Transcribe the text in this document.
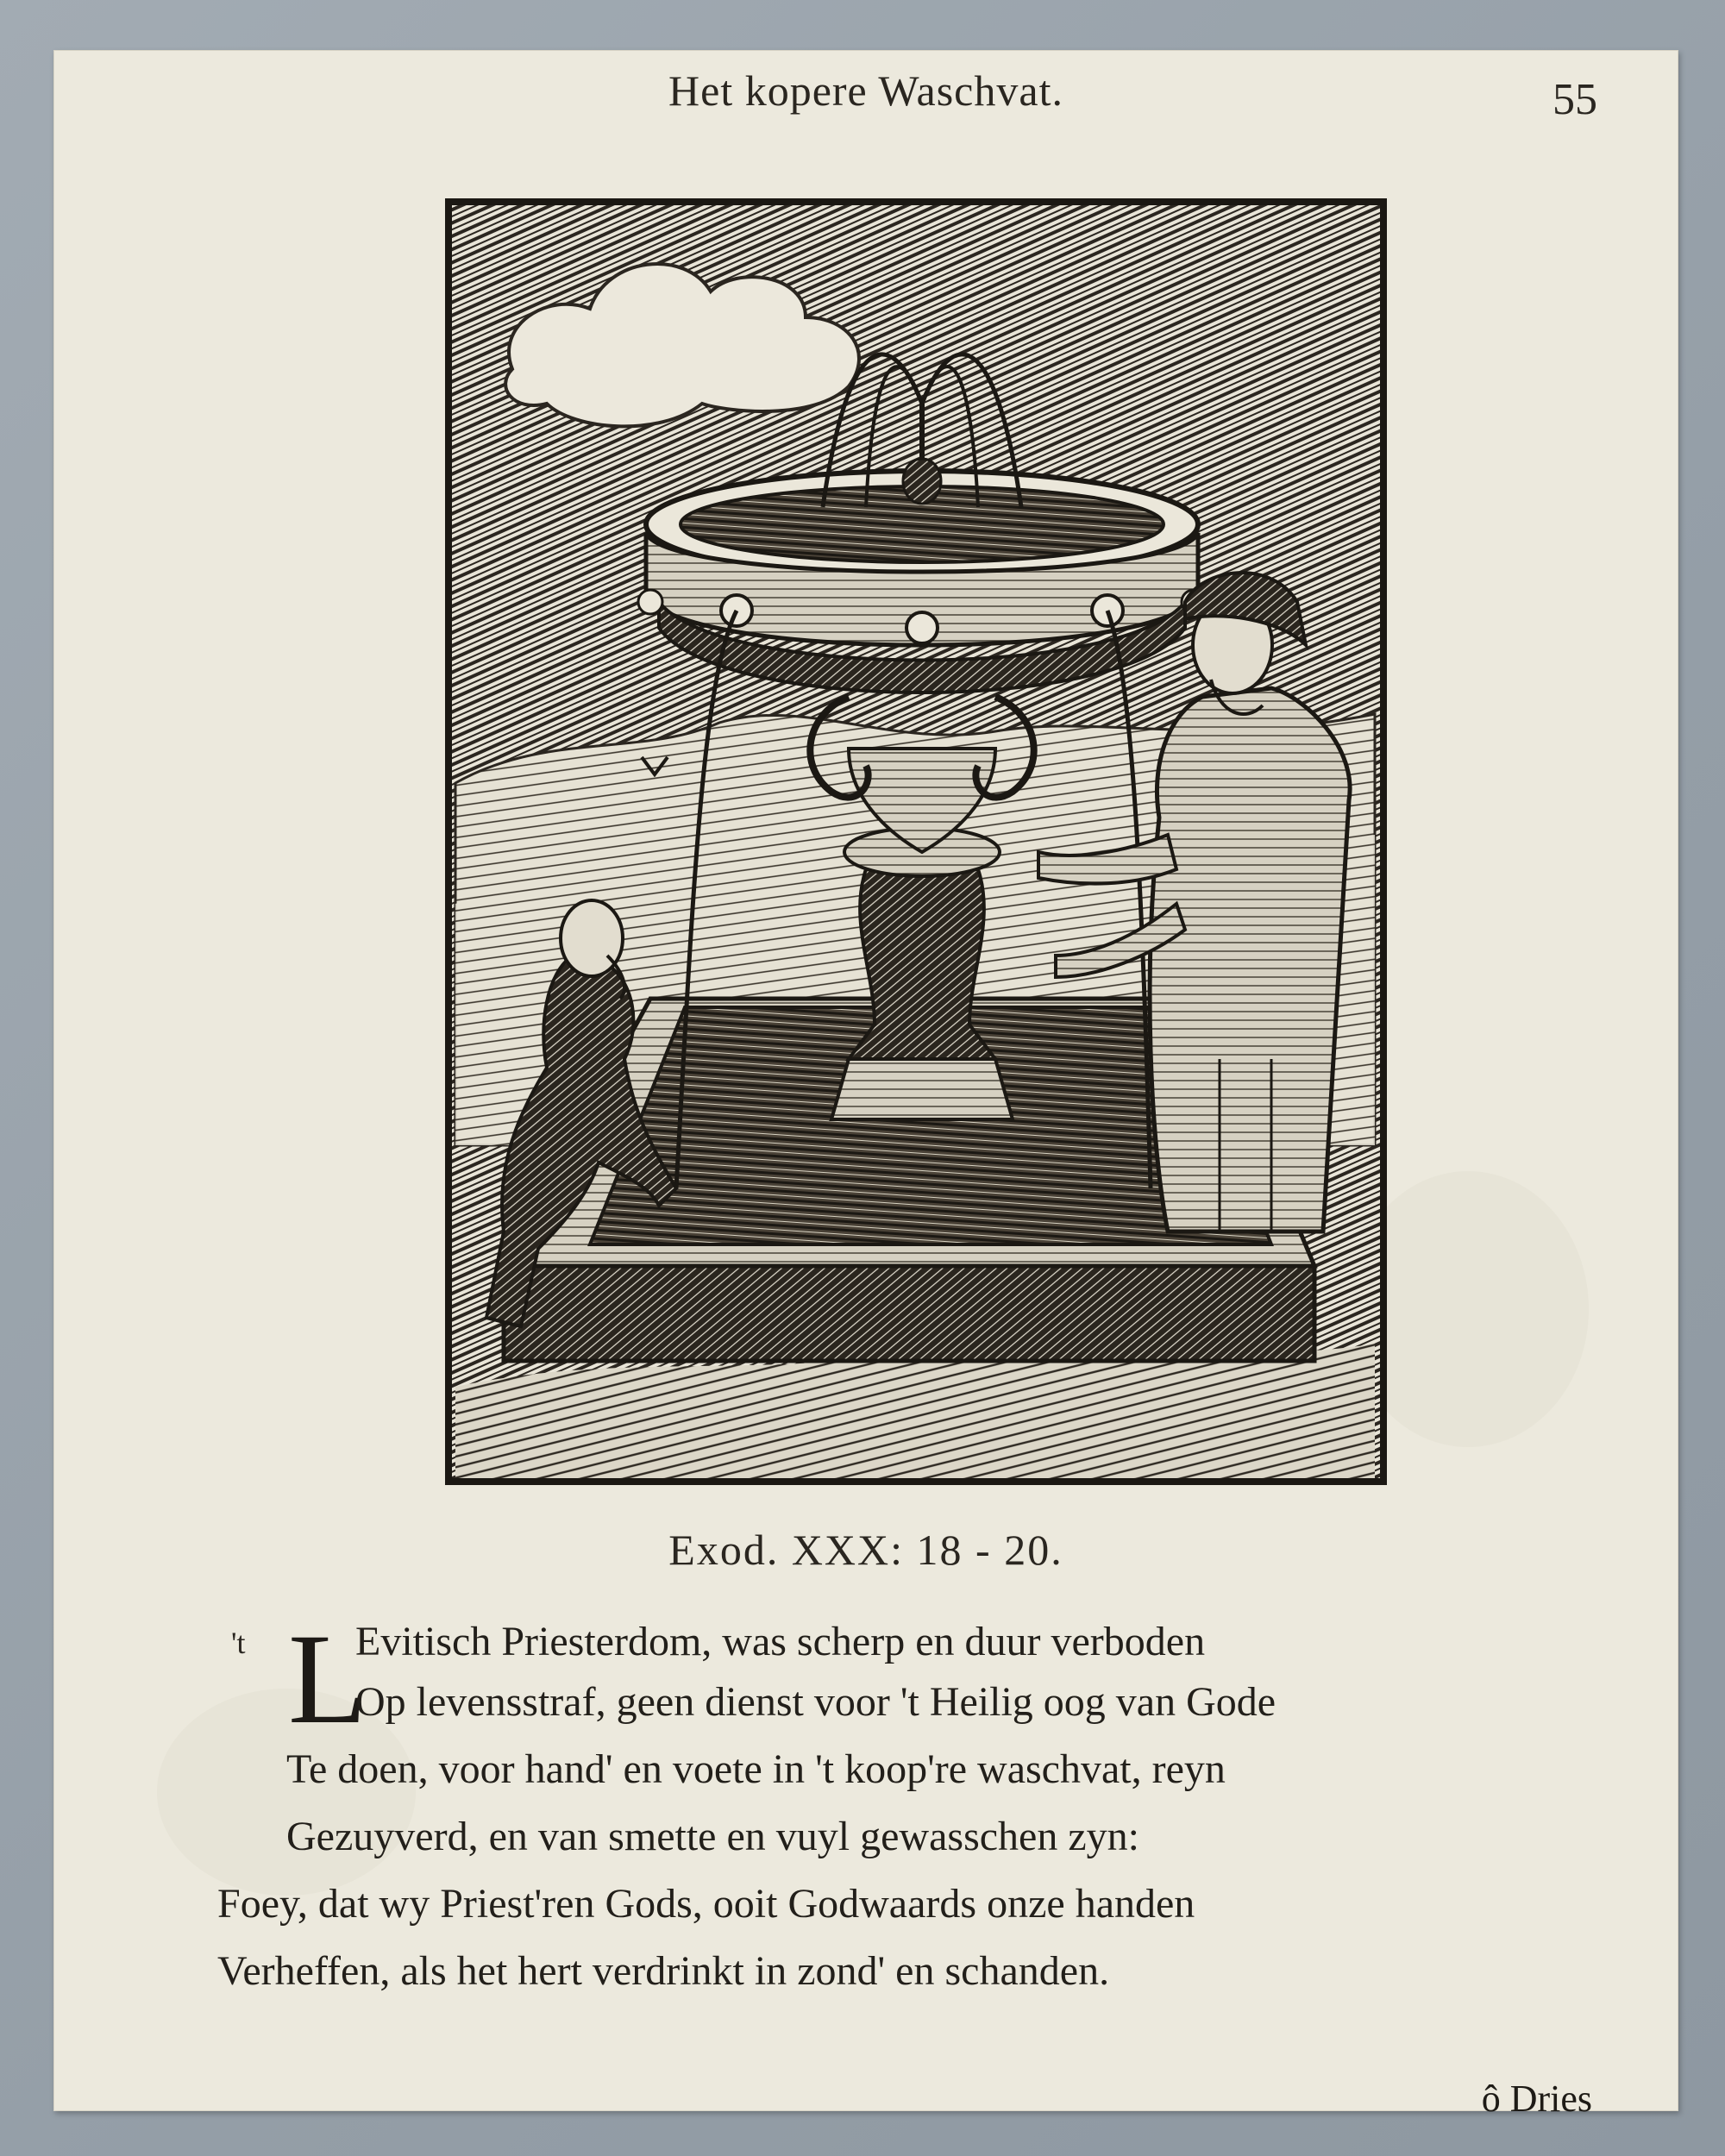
Het kopere Waschvat.	55
Exod. XXX: 18 - 20.
't L
Evitisch Priesterdom, was scherp en duur verboden
Op levensstraf, geen dienst voor 't Heilig oog van Gode
Te doen, voor hand' en voete in 't koop're waschvat, reyn
Gezuyverd, en van smette en vuyl gewasschen zyn:
Foey, dat wy Priest'ren Gods, ooit Godwaards onze handen
Verheffen, als het hert verdrinkt in zond' en schanden.
ô Dries
